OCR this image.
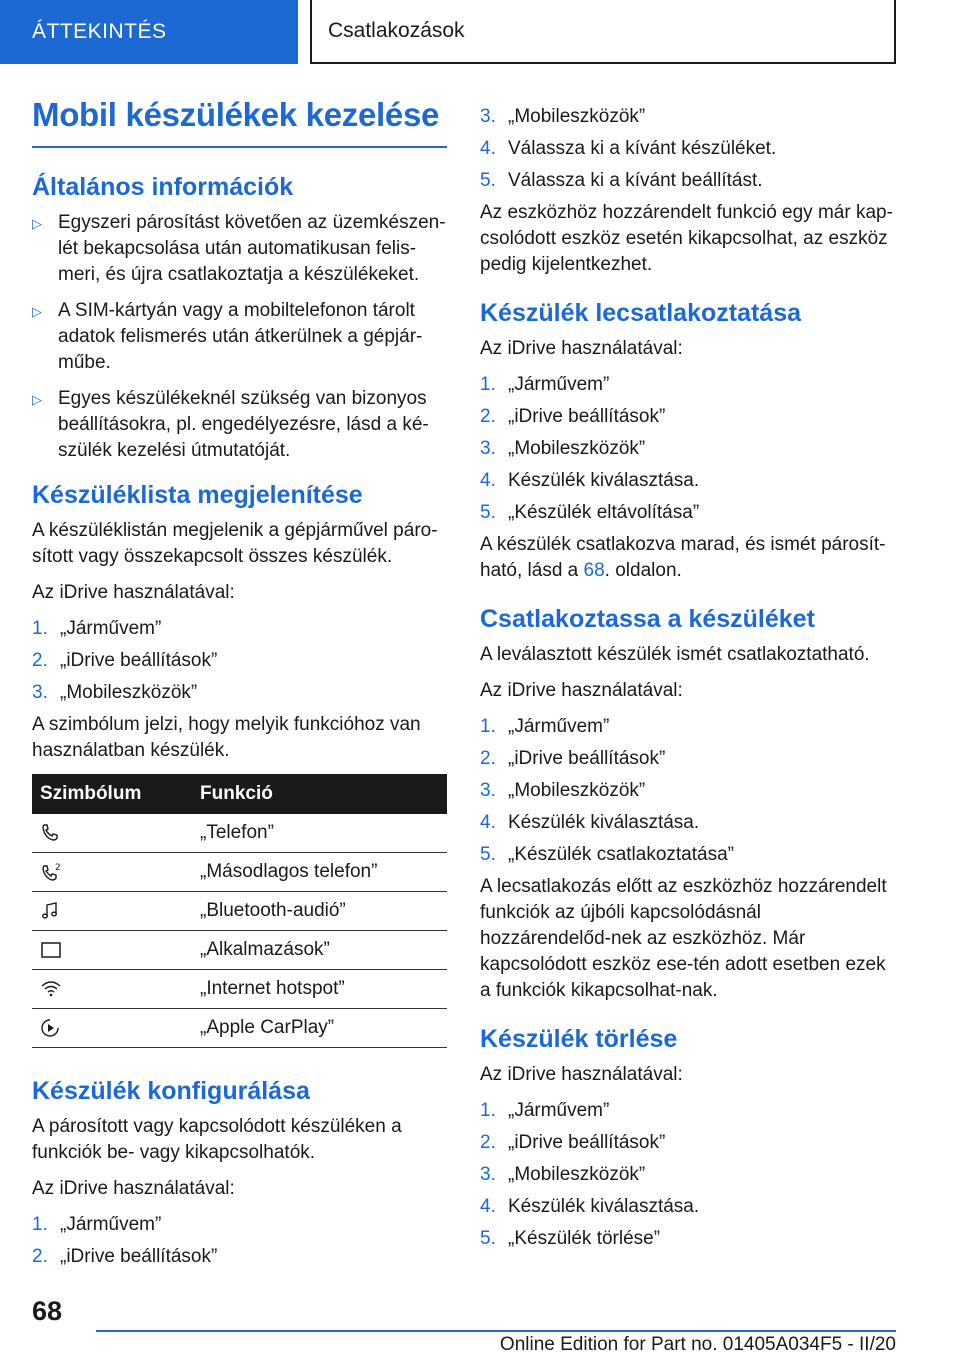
ÁTTEKINTÉS	Csatlakozások
Mobil készülékek kezelése
Általános információk
▷ Egyszeri párosítást követően az üzemkészen-lét bekapcsolása után automatikusan felis-meri, és újra csatlakoztatja a készülékeket.
▷ A SIM-kártyán vagy a mobiltelefonon tárolt adatok felismerés után átkerülnek a gépjár-műbe.
▷ Egyes készülékeknél szükség van bizonyos beállításokra, pl. engedélyezésre, lásd a ké-szülék kezelési útmutatóját.
Készüléklista megjelenítése

A készüléklistán megjelenik a gépjárművel páro-sított vagy összekapcsolt összes készülék.

Az iDrive használatával:

1. „Járművem”
2. „iDrive beállítások”
3. „Mobileszközök”

A szimbólum jelzi, hogy melyik funkcióhoz van használatban készülék.

Szimbólum	Funkció

	„Telefon”

2	„Másodlagos telefon”

	„Bluetooth-audió”

	„Alkalmazások”

	„Internet hotspot”

	„Apple CarPlay”
Készülék konfigurálása

A párosított vagy kapcsolódott készüléken a funkciók be- vagy kikapcsolhatók.

Az iDrive használatával:

1. „Járművem”
2. „iDrive beállítások”
3. „Mobileszközök”
4. Válassza ki a kívánt készüléket.
5. Válassza ki a kívánt beállítást.

Az eszközhöz hozzárendelt funkció egy már kap-csolódott eszköz esetén kikapcsolhat, az eszköz pedig kijelentkezhet.

Készülék lecsatlakoztatása

Az iDrive használatával:

1. „Járművem”
2. „iDrive beállítások”
3. „Mobileszközök”
4. Készülék kiválasztása.
5. „Készülék eltávolítása”

A készülék csatlakozva marad, és ismét párosít-ható, lásd a 68. oldalon.

Csatlakoztassa a készüléket

A leválasztott készülék ismét csatlakoztatható.

Az iDrive használatával:

1. „Járművem”
2. „iDrive beállítások”
3. „Mobileszközök”
4. Készülék kiválasztása.
5. „Készülék csatlakoztatása”

A lecsatlakozás előtt az eszközhöz hozzárendelt funkciók az újbóli kapcsolódásnál hozzárendelőd-nek az eszközhöz. Már kapcsolódott eszköz ese-tén adott esetben ezek a funkciók kikapcsolhat-nak.

Készülék törlése

Az iDrive használatával:

1. „Járművem”
2. „iDrive beállítások”
3. „Mobileszközök”
4. Készülék kiválasztása.
5. „Készülék törlése”
68
Online Edition for Part no. 01405A034F5 - II/20
